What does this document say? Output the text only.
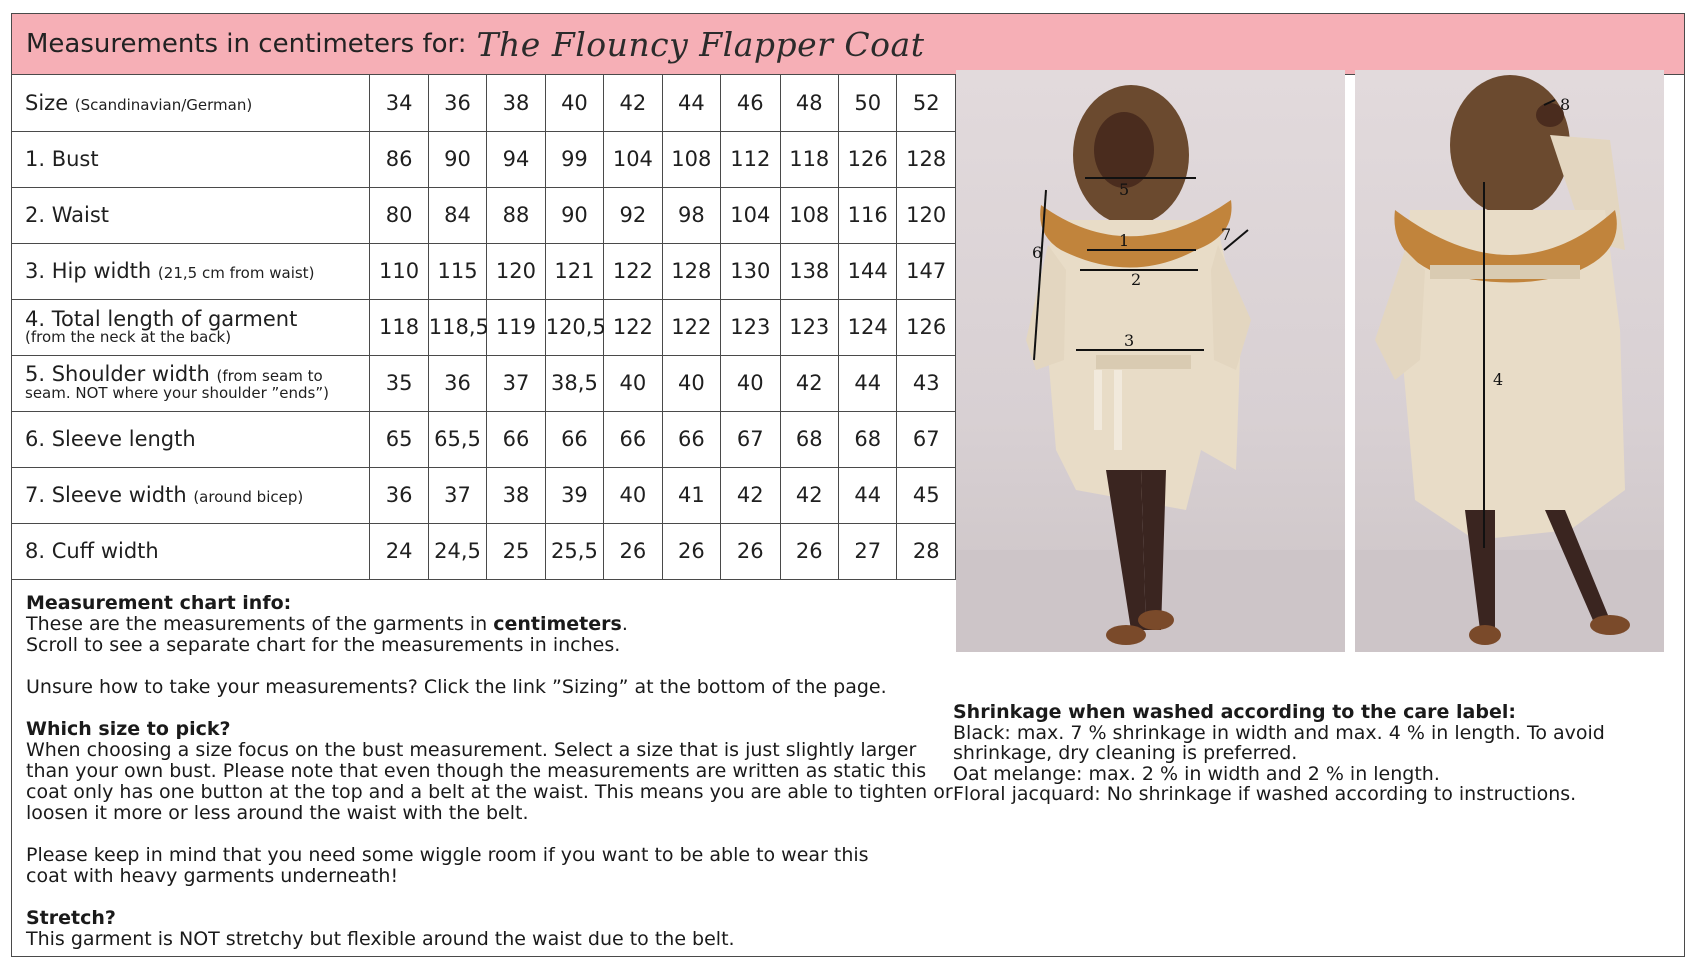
Measurements in centimeters for: The Flouncy Flapper Coat
Size (Scandinavian/German)	34	36	38	40	42	44	46	48	50	52
1. Bust	86	90	94	99	104	108	112	118	126	128
2. Waist	80	84	88	90	92	98	104	108	116	120
3. Hip width (21,5 cm from waist)	110	115	120	121	122	128	130	138	144	147
4. Total length of garment
(from the neck at the back)	118	118,5	119	120,5	122	122	123	123	124	126
5. Shoulder width (from seam to
seam. NOT where your shoulder ”ends”)	35	36	37	38,5	40	40	40	42	44	43
6. Sleeve length	65	65,5	66	66	66	66	67	68	68	67
7. Sleeve width (around bicep)	36	37	38	39	40	41	42	42	44	45
8. Cuff width	24	24,5	25	25,5	26	26	26	26	27	28

Measurement chart info:
These are the measurements of the garments in centimeters.
Scroll to see a separate chart for the measurements in inches.

Unsure how to take your measurements? Click the link ”Sizing” at the bottom of the page.

Which size to pick?
When choosing a size focus on the bust measurement. Select a size that is just slightly larger than your own bust. Please note that even though the measurements are written as static this coat only has one button at the top and a belt at the waist. This means you are able to tighten or loosen it more or less around the waist with the belt.

Please keep in mind that you need some wiggle room if you want to be able to wear this coat with heavy garments underneath!

Stretch?
This garment is NOT stretchy but flexible around the waist due to the belt.

5
1
2
3
6
7
4
8
Shrinkage when washed according to the care label:
Black: max. 7 % shrinkage in width and max. 4 % in length. To avoid shrinkage, dry cleaning is preferred.
Oat melange: max. 2 % in width and 2 % in length.
Floral jacquard: No shrinkage if washed according to instructions.
